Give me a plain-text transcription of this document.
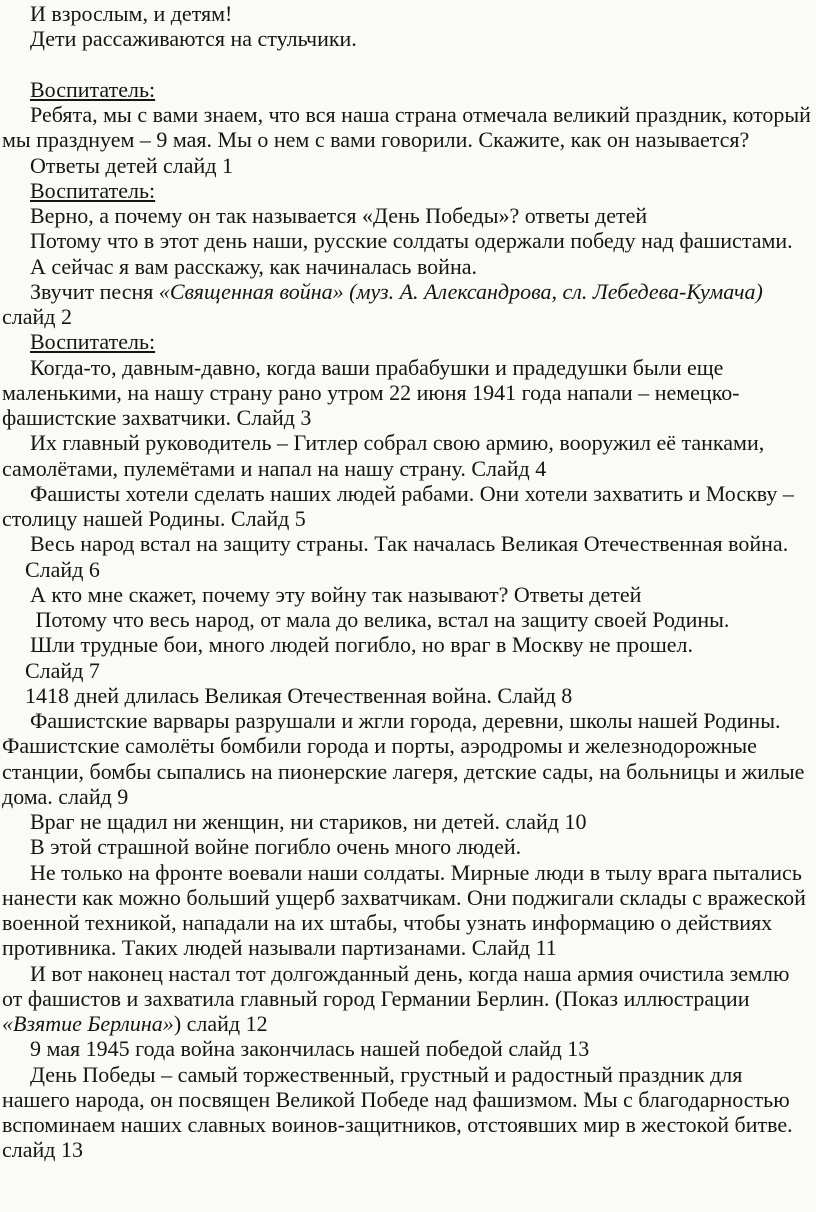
И взрослым, и детям!

Дети рассаживаются на стульчики.

Воспитатель:

Ребята, мы с вами знаем, что вся наша страна отмечала великий праздник, который мы празднуем – 9 мая. Мы о нем с вами говорили. Скажите, как он называется?

Ответы детей слайд 1

Воспитатель:

Верно, а почему он так называется «День Победы»? ответы детей

Потому что в этот день наши, русские солдаты одержали победу над фашистами.

А сейчас я вам расскажу, как начиналась война.

Звучит песня «Священная война» (муз. А. Александрова, сл. Лебедева-Кумача) слайд 2

Воспитатель:

Когда-то, давным-давно, когда ваши прабабушки и прадедушки были еще маленькими, на нашу страну рано утром 22 июня 1941 года напали – немецко-фашистские захватчики. Слайд 3

Их главный руководитель – Гитлер собрал свою армию, вооружил её танками, самолётами, пулемётами и напал на нашу страну. Слайд 4

Фашисты хотели сделать наших людей рабами. Они хотели захватить и Москву – столицу нашей Родины. Слайд 5

Весь народ встал на защиту страны. Так началась Великая Отечественная война.

Слайд 6

А кто мне скажет, почему эту войну так называют? Ответы детей

Потому что весь народ, от мала до велика, встал на защиту своей Родины.

Шли трудные бои, много людей погибло, но враг в Москву не прошел.

Слайд 7

1418 дней длилась Великая Отечественная война. Слайд 8

Фашистские варвары разрушали и жгли города, деревни, школы нашей Родины. Фашистские самолёты бомбили города и порты, аэродромы и железнодорожные станции, бомбы сыпались на пионерские лагеря, детские сады, на больницы и жилые дома. слайд 9

Враг не щадил ни женщин, ни стариков, ни детей. слайд 10

В этой страшной войне погибло очень много людей.

Не только на фронте воевали наши солдаты. Мирные люди в тылу врага пытались нанести как можно больший ущерб захватчикам. Они поджигали склады с вражеской военной техникой, нападали на их штабы, чтобы узнать информацию о действиях противника. Таких людей называли партизанами. Слайд 11

И вот наконец настал тот долгожданный день, когда наша армия очистила землю от фашистов и захватила главный город Германии Берлин. (Показ иллюстрации «Взятие Берлина») слайд 12

9 мая 1945 года война закончилась нашей победой слайд 13

День Победы – самый торжественный, грустный и радостный праздник для нашего народа, он посвящен Великой Победе над фашизмом. Мы с благодарностью вспоминаем наших славных воинов-защитников, отстоявших мир в жестокой битве. слайд 13
